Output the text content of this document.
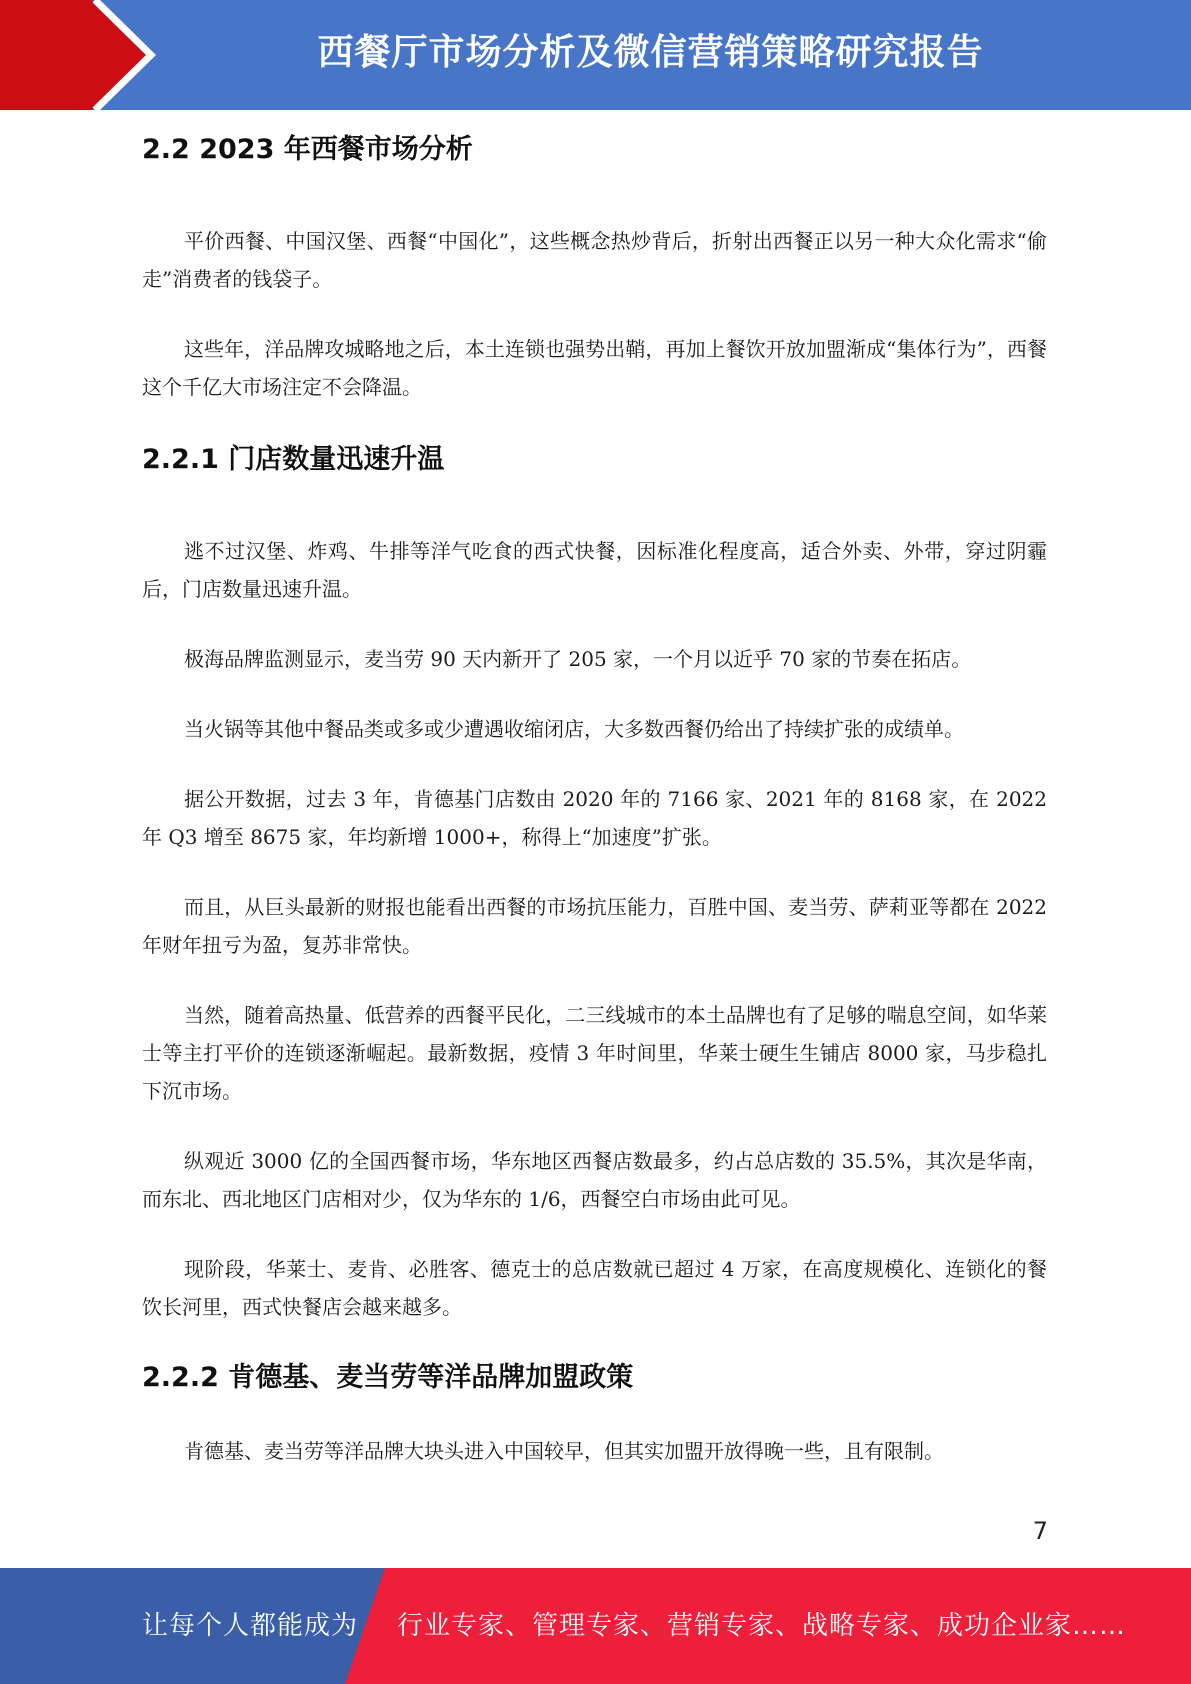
西餐厅市场分析及微信营销策略研究报告
2.2 2023 年西餐市场分析

平价西餐、中国汉堡、西餐“中国化”，这些概念热炒背后，折射出西餐正以另一种大众化需求“偷走”消费者的钱袋子。

这些年，洋品牌攻城略地之后，本土连锁也强势出鞘，再加上餐饮开放加盟渐成“集体行为”，西餐这个千亿大市场注定不会降温。

2.2.1 门店数量迅速升温

逃不过汉堡、炸鸡、牛排等洋气吃食的西式快餐，因标准化程度高，适合外卖、外带，穿过阴霾后，门店数量迅速升温。

极海品牌监测显示，麦当劳 90 天内新开了 205 家，一个月以近乎 70 家的节奏在拓店。

当火锅等其他中餐品类或多或少遭遇收缩闭店，大多数西餐仍给出了持续扩张的成绩单。

据公开数据，过去 3 年，肯德基门店数由 2020 年的 7166 家、2021 年的 8168 家，在 2022 年 Q3 增至 8675 家，年均新增 1000+，称得上“加速度”扩张。

而且，从巨头最新的财报也能看出西餐的市场抗压能力，百胜中国、麦当劳、萨莉亚等都在 2022 年财年扭亏为盈，复苏非常快。

当然，随着高热量、低营养的西餐平民化，二三线城市的本土品牌也有了足够的喘息空间，如华莱士等主打平价的连锁逐渐崛起。最新数据，疫情 3 年时间里，华莱士硬生生铺店 8000 家，马步稳扎下沉市场。

纵观近 3000 亿的全国西餐市场，华东地区西餐店数最多，约占总店数的 35.5%，其次是华南，而东北、西北地区门店相对少，仅为华东的 1/6，西餐空白市场由此可见。

现阶段，华莱士、麦肯、必胜客、德克士的总店数就已超过 4 万家，在高度规模化、连锁化的餐饮长河里，西式快餐店会越来越多。

2.2.2 肯德基、麦当劳等洋品牌加盟政策

肯德基、麦当劳等洋品牌大块头进入中国较早，但其实加盟开放得晚一些，且有限制。

7
让每个人都能成为 行业专家、管理专家、营销专家、战略专家、成功企业家……
